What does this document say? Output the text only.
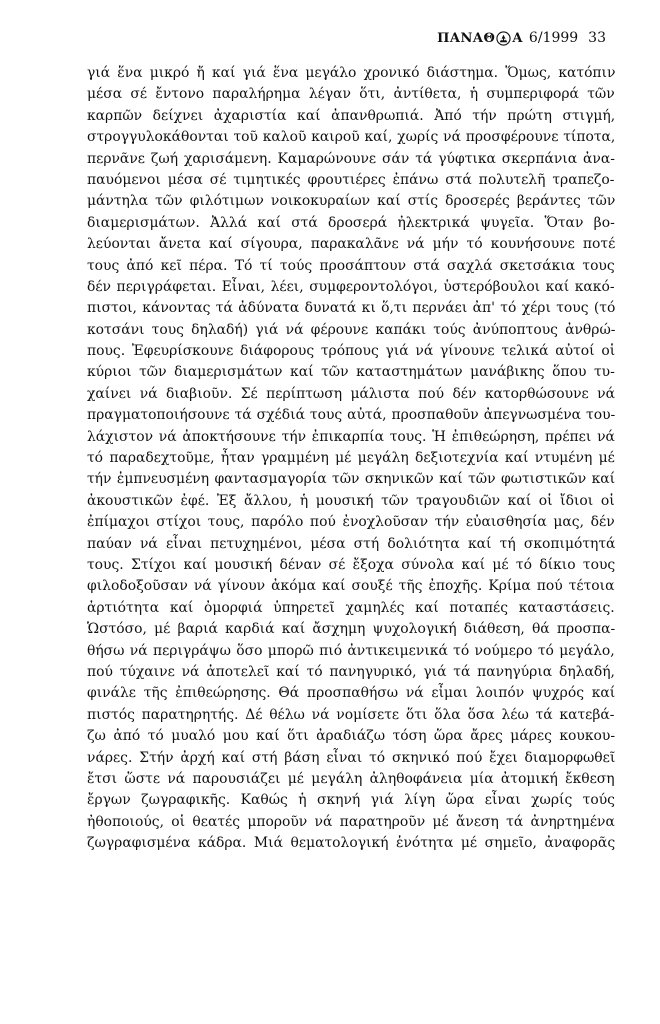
ΠΑΝΑΘ Α 6/1999 33
γιά ἕνα μικρό ἤ καί γιά ἕνα μεγάλο χρονικό διάστημα. Ὅμως, κατόπιν
μέσα σέ ἔντονο παραλήρημα λέγαν ὅτι, ἀντίθετα, ἡ συμπεριφορά τῶν
καρπῶν δείχνει ἀχαριστία καί ἀπανθρωπιά. Ἀπό τήν πρώτη στιγμή,
στρογγυλοκάθονται τοῦ καλοῦ καιροῦ καί, χωρίς νά προσφέρουνε τίποτα,
περνᾶνε ζωή χαρισάμενη. Καμαρώνουνε σάν τά γύφτικα σκερπάνια ἀνα-
παυόμενοι μέσα σέ τιμητικές φρουτιέρες ἐπάνω στά πολυτελῆ τραπεζο-
μάντηλα τῶν φιλότιμων νοικοκυραίων καί στίς δροσερές βεράντες τῶν
διαμερισμάτων. Ἀλλά καί στά δροσερά ἠλεκτρικά ψυγεῖα. Ὅταν βο-
λεύονται ἄνετα καί σίγουρα, παρακαλᾶνε νά μήν τό κουνήσουνε ποτέ
τους ἀπό κεῖ πέρα. Τό τί τούς προσάπτουν στά σαχλά σκετσάκια τους
δέν περιγράφεται. Εἶναι, λέει, συμφεροντολόγοι, ὑστερόβουλοι καί κακό-
πιστοι, κάνοντας τά ἀδύνατα δυνατά κι ὅ,τι περνάει ἀπ' τό χέρι τους (τό
κοτσάνι τους δηλαδή) γιά νά φέρουνε καπάκι τούς ἀνύποπτους ἀνθρώ-
πους. Ἐφευρίσκουνε διάφορους τρόπους γιά νά γίνουνε τελικά αὐτοί οἱ
κύριοι τῶν διαμερισμάτων καί τῶν καταστημάτων μανάβικης ὅπου τυ-
χαίνει νά διαβιοῦν. Σέ περίπτωση μάλιστα πού δέν κατορθώσουνε νά
πραγματοποιήσουνε τά σχέδιά τους αὐτά, προσπαθοῦν ἀπεγνωσμένα του-
λάχιστον νά ἀποκτήσουνε τήν ἐπικαρπία τους. Ἡ ἐπιθεώρηση, πρέπει νά
τό παραδεχτοῦμε, ἦταν γραμμένη μέ μεγάλη δεξιοτεχνία καί ντυμένη μέ
τήν ἐμπνευσμένη φαντασμαγορία τῶν σκηνικῶν καί τῶν φωτιστικῶν καί
ἀκουστικῶν ἐφέ. Ἐξ ἄλλου, ἡ μουσική τῶν τραγουδιῶν καί οἱ ἴδιοι οἱ
ἐπίμαχοι στίχοι τους, παρόλο πού ἐνοχλοῦσαν τήν εὐαισθησία μας, δέν
παύαν νά εἶναι πετυχημένοι, μέσα στή δολιότητα καί τή σκοπιμότητά
τους. Στίχοι καί μουσική δέναν σέ ἔξοχα σύνολα καί μέ τό δίκιο τους
φιλοδοξοῦσαν νά γίνουν ἀκόμα καί σουξέ τῆς ἐποχῆς. Κρίμα πού τέτοια
ἀρτιότητα καί ὀμορφιά ὑπηρετεῖ χαμηλές καί ποταπές καταστάσεις.
Ὡστόσο, μέ βαριά καρδιά καί ἄσχημη ψυχολογική διάθεση, θά προσπα-
θήσω νά περιγράψω ὅσο μπορῶ πιό ἀντικειμενικά τό νούμερο τό μεγάλο,
πού τύχαινε νά ἀποτελεῖ καί τό πανηγυρικό, γιά τά πανηγύρια δηλαδή,
φινάλε τῆς ἐπιθεώρησης. Θά προσπαθήσω νά εἶμαι λοιπόν ψυχρός καί
πιστός παρατηρητής. Δέ θέλω νά νομίσετε ὅτι ὅλα ὅσα λέω τά κατεβά-
ζω ἀπό τό μυαλό μου καί ὅτι ἀραδιάζω τόση ὥρα ἄρες μάρες κουκου-
νάρες. Στήν ἀρχή καί στή βάση εἶναι τό σκηνικό πού ἔχει διαμορφωθεῖ
ἔτσι ὥστε νά παρουσιάζει μέ μεγάλη ἀληθοφάνεια μία ἀτομική ἔκθεση
ἔργων ζωγραφικῆς. Καθώς ἡ σκηνή γιά λίγη ὥρα εἶναι χωρίς τούς
ἠθοποιούς, οἱ θεατές μποροῦν νά παρατηροῦν μέ ἄνεση τά ἀνηρτημένα
ζωγραφισμένα κάδρα. Μιά θεματολογική ἑνότητα μέ σημεῖο, ἀναφορᾶς
